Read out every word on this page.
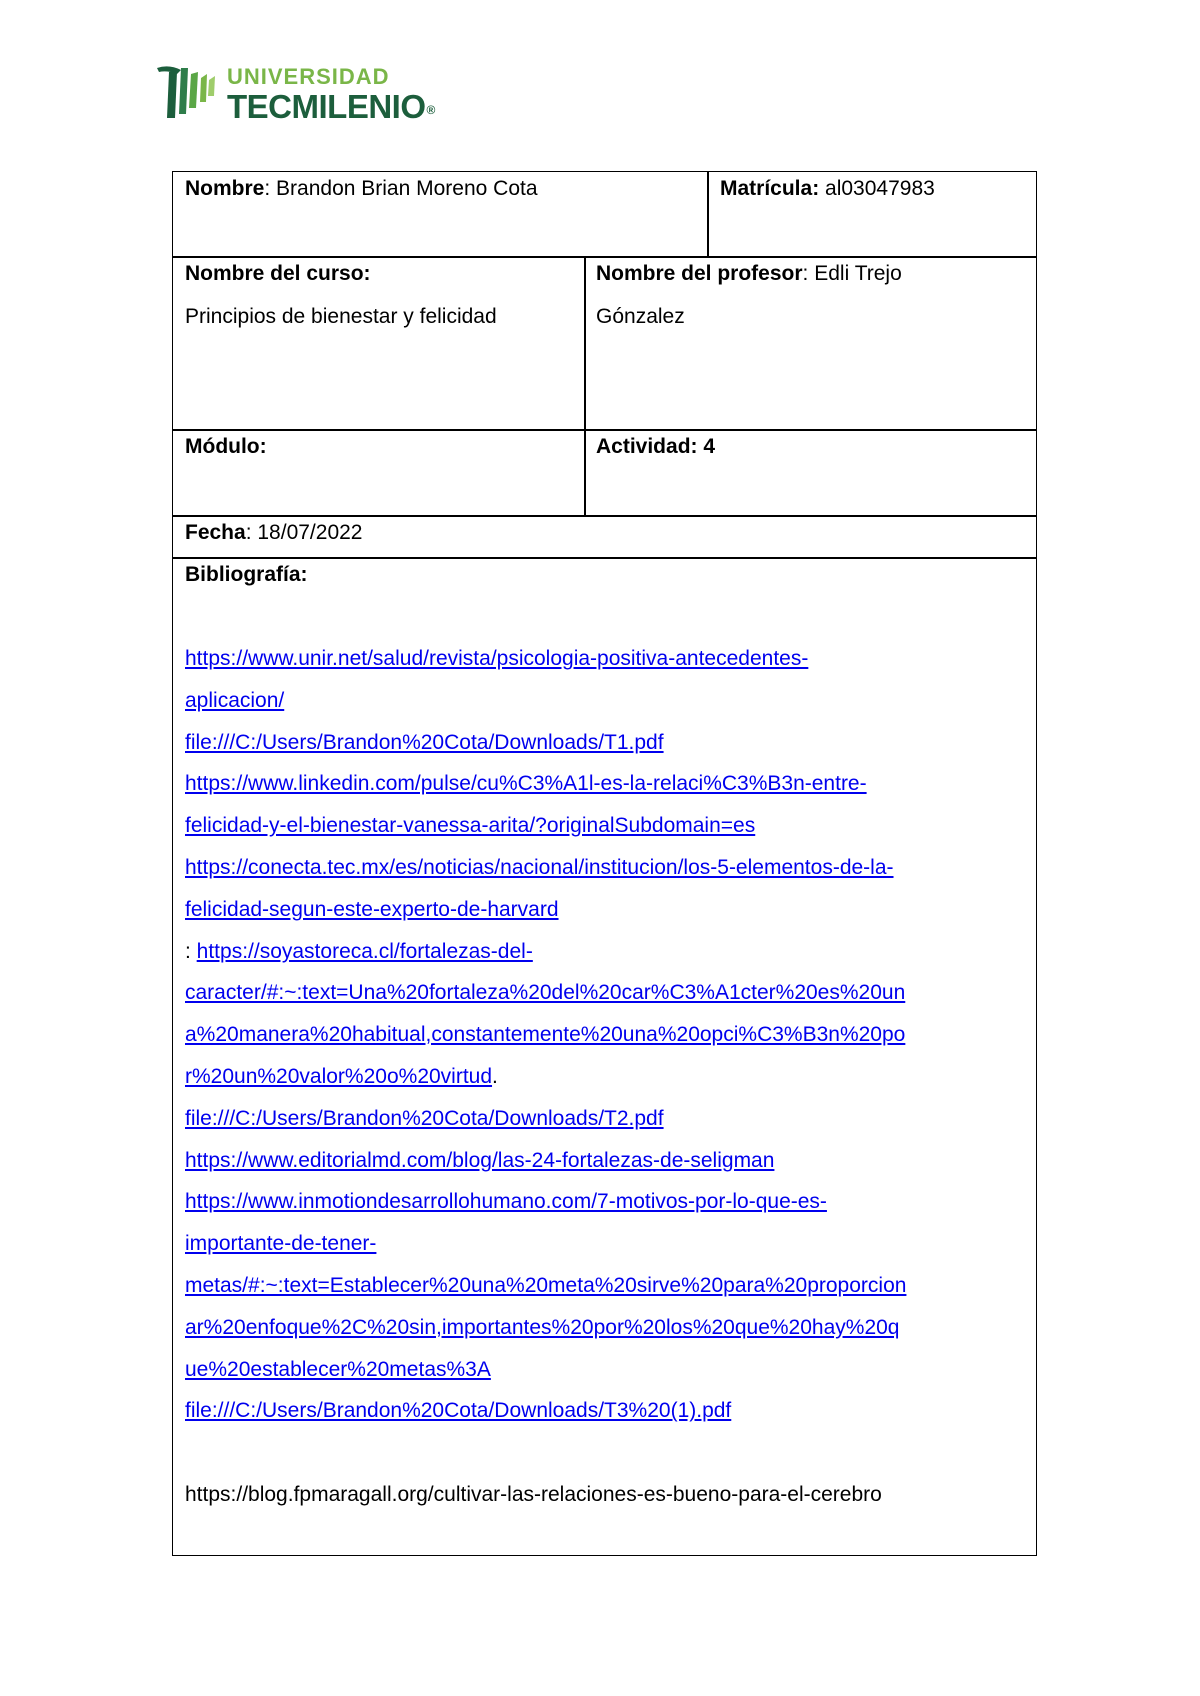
UNIVERSIDAD
TECMILENIO®
Nombre: Brandon Brian Moreno Cota	Matrícula: al03047983
Nombre del curso:
Principios de bienestar y felicidad
Nombre del profesor: Edli Trejo
Gónzalez
Módulo:	Actividad: 4
Fecha: 18/07/2022
Bibliografía:
https://www.unir.net/salud/revista/psicologia-positiva-antecedentes-
aplicacion/
file:///C:/Users/Brandon%20Cota/Downloads/T1.pdf
https://www.linkedin.com/pulse/cu%C3%A1l-es-la-relaci%C3%B3n-entre-
felicidad-y-el-bienestar-vanessa-arita/?originalSubdomain=es
https://conecta.tec.mx/es/noticias/nacional/institucion/los-5-elementos-de-la-
felicidad-segun-este-experto-de-harvard
: https://soyastoreca.cl/fortalezas-del-
caracter/#:~:text=Una%20fortaleza%20del%20car%C3%A1cter%20es%20un
a%20manera%20habitual,constantemente%20una%20opci%C3%B3n%20po
r%20un%20valor%20o%20virtud.
file:///C:/Users/Brandon%20Cota/Downloads/T2.pdf
https://www.editorialmd.com/blog/las-24-fortalezas-de-seligman
https://www.inmotiondesarrollohumano.com/7-motivos-por-lo-que-es-
importante-de-tener-
metas/#:~:text=Establecer%20una%20meta%20sirve%20para%20proporcion
ar%20enfoque%2C%20sin,importantes%20por%20los%20que%20hay%20q
ue%20establecer%20metas%3A
file:///C:/Users/Brandon%20Cota/Downloads/T3%20(1).pdf
https://blog.fpmaragall.org/cultivar-las-relaciones-es-bueno-para-el-cerebro
